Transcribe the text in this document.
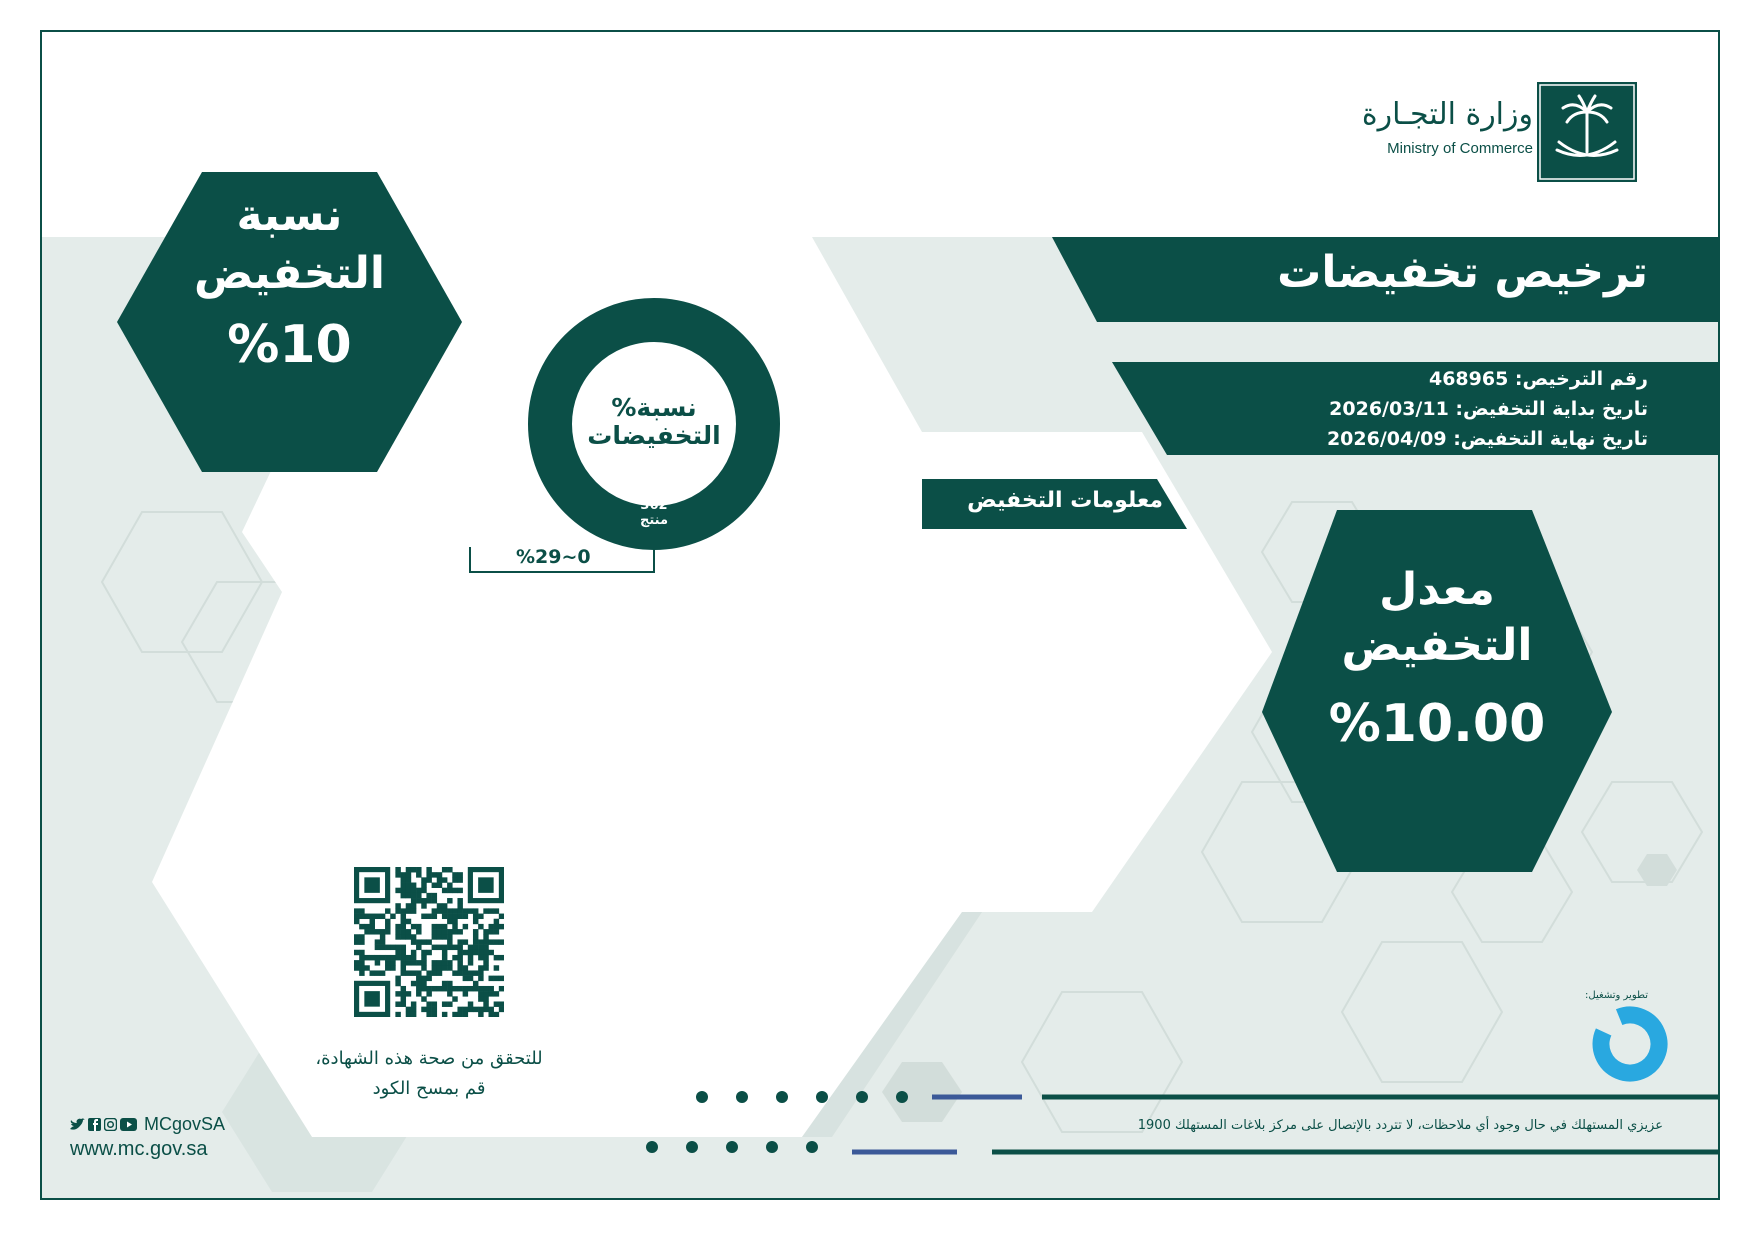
وزارة التجـارة
Ministry of Commerce
ترخيص تخفيضات
رقم الترخيص: 468965
تاريخ بداية التخفيض: 2026/03/11
تاريخ نهاية التخفيض: 2026/04/09
نسبة
التخفيض
%10
معدل
التخفيض
%10.00
نسبة%
التخفيضات
362
منتج
%29~0
معلومات التخفيض
للتحقق من صحة هذه الشهادة،
قم بمسح الكود
MCgovSA
www.mc.gov.sa
عزيزي المستهلك في حال وجود أي ملاحظات، لا تتردد بالإتصال على مركز بلاغات المستهلك 1900
تطوير وتشغيل:
